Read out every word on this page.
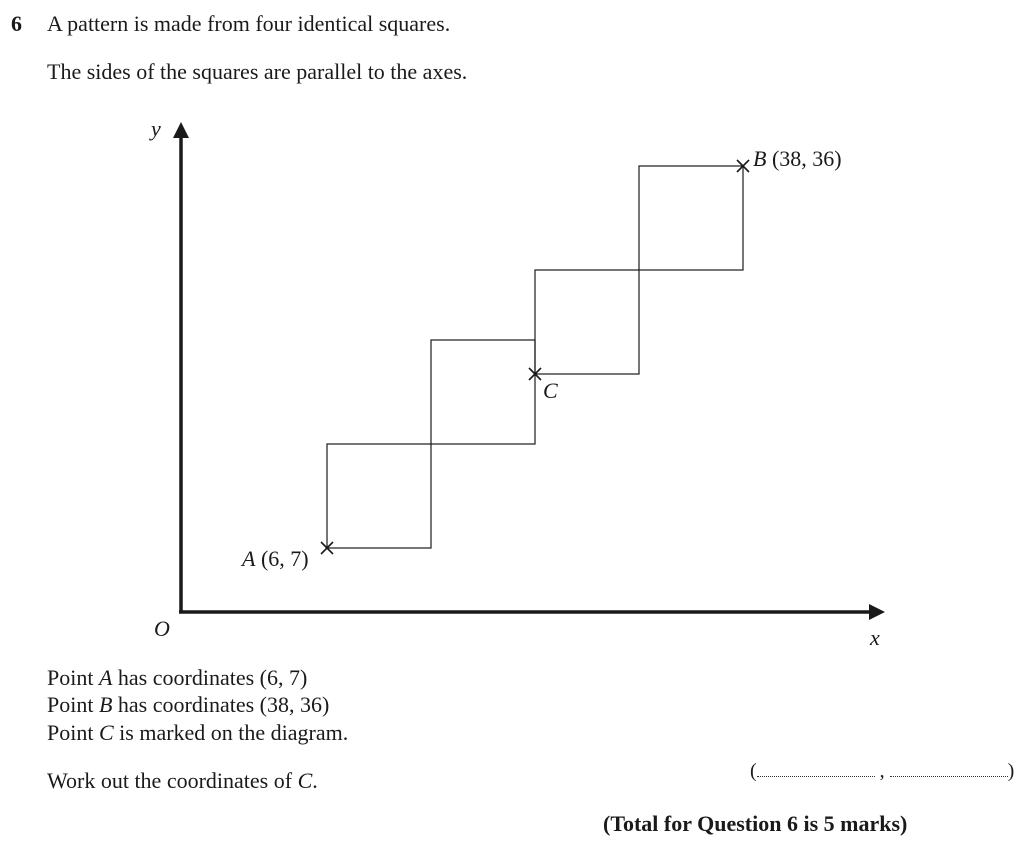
6 A pattern is made from four identical squares.
The sides of the squares are parallel to the axes.
y
x
O
A (6, 7)
B (38, 36)
C
Point A has coordinates (6, 7)
Point B has coordinates (38, 36)
Point C is marked on the diagram.
Work out the coordinates of C.	(	,	)
(Total for Question 6 is 5 marks)
